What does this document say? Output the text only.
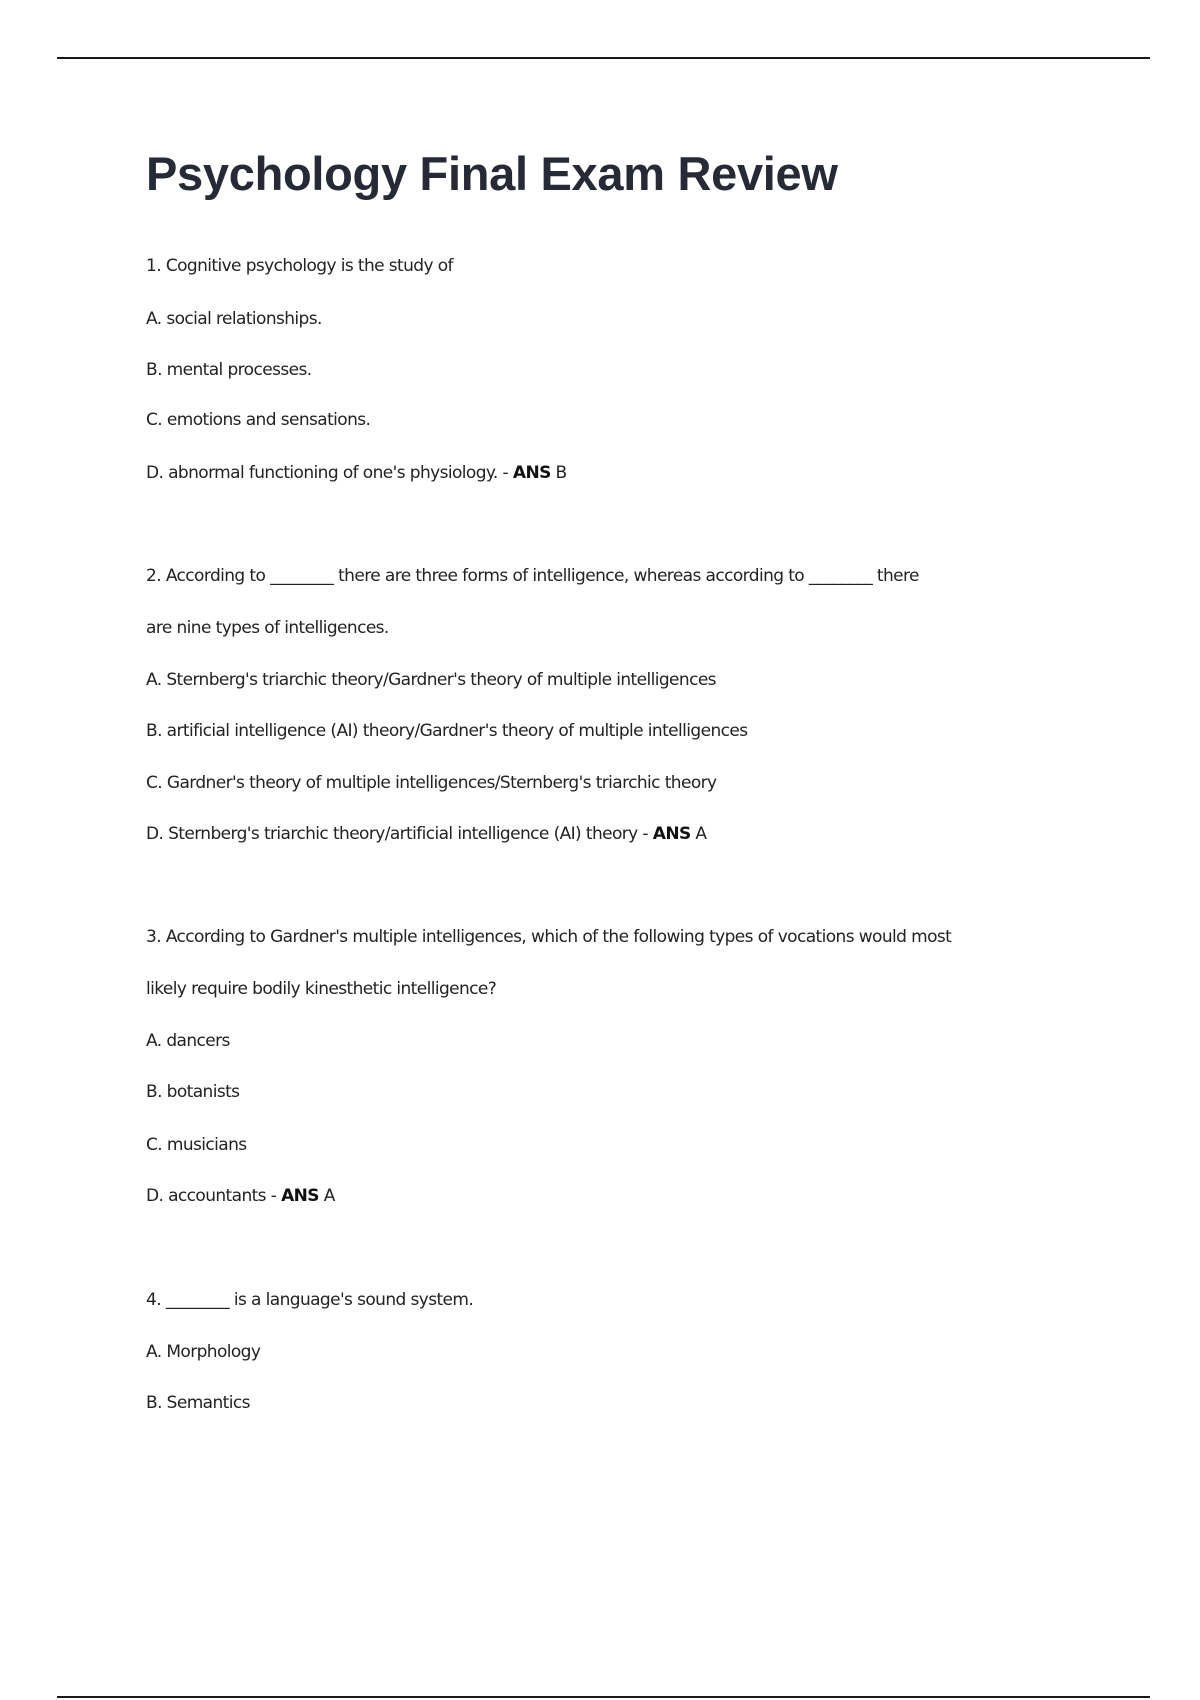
Psychology Final Exam Review
1. Cognitive psychology is the study of
A. social relationships.
B. mental processes.
C. emotions and sensations.
D. abnormal functioning of one's physiology. - ANS B
2. According to ________ there are three forms of intelligence, whereas according to ________ there
are nine types of intelligences.
A. Sternberg's triarchic theory/Gardner's theory of multiple intelligences
B. artificial intelligence (AI) theory/Gardner's theory of multiple intelligences
C. Gardner's theory of multiple intelligences/Sternberg's triarchic theory
D. Sternberg's triarchic theory/artificial intelligence (AI) theory - ANS A
3. According to Gardner's multiple intelligences, which of the following types of vocations would most
likely require bodily kinesthetic intelligence?
A. dancers
B. botanists
C. musicians
D. accountants - ANS A
4. ________ is a language's sound system.
A. Morphology
B. Semantics
